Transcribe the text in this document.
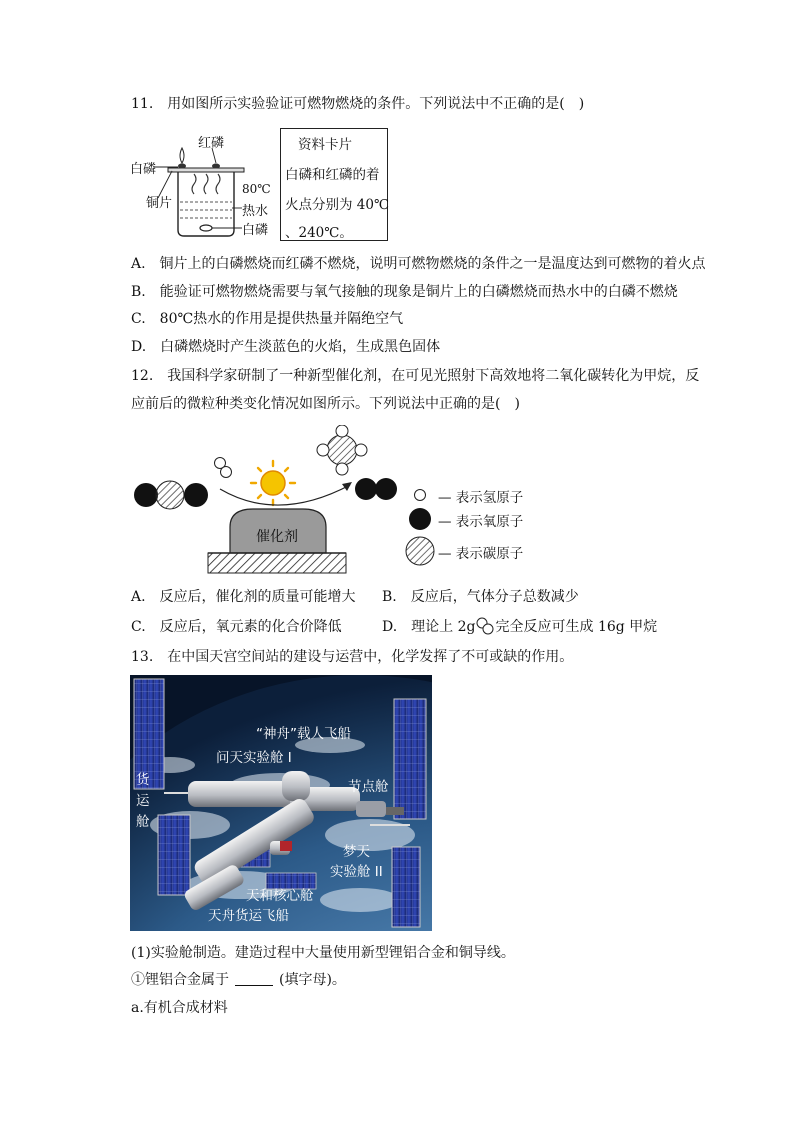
11.　用如图所示实验验证可燃物燃烧的条件。下列说法中不正确的是(　)
红磷
白磷
铜片
80℃
热水
白磷
资料卡片
白磷和红磷的着
火点分别为 40℃
、240℃。
A.　铜片上的白磷燃烧而红磷不燃烧，说明可燃物燃烧的条件之一是温度达到可燃物的着火点
B.　能验证可燃物燃烧需要与氧气接触的现象是铜片上的白磷燃烧而热水中的白磷不燃烧
C.　80℃热水的作用是提供热量并隔绝空气
D.　白磷燃烧时产生淡蓝色的火焰，生成黑色固体
12.　我国科学家研制了一种新型催化剂，在可见光照射下高效地将二氧化碳转化为甲烷，反
应前后的微粒种类变化情况如图所示。下列说法中正确的是(　)
催化剂
— 表示氢原子
— 表示氧原子
— 表示碳原子
A.　反应后，催化剂的质量可能增大 B.　反应后，气体分子总数减少
C.　反应后，氧元素的化合价降低	D.　理论上 2g 完全反应可生成 16g 甲烷
13.　在中国天宫空间站的建设与运营中，化学发挥了不可或缺的作用。
“神舟”载人飞船
问天实验舱 I
节点舱
货运舱
梦天
实验舱 II
天和核心舱
天舟货运飞船
(1)实验舱制造。建造过程中大量使用新型锂铝合金和铜导线。
①锂铝合金属于	(填字母)。
a.有机合成材料
